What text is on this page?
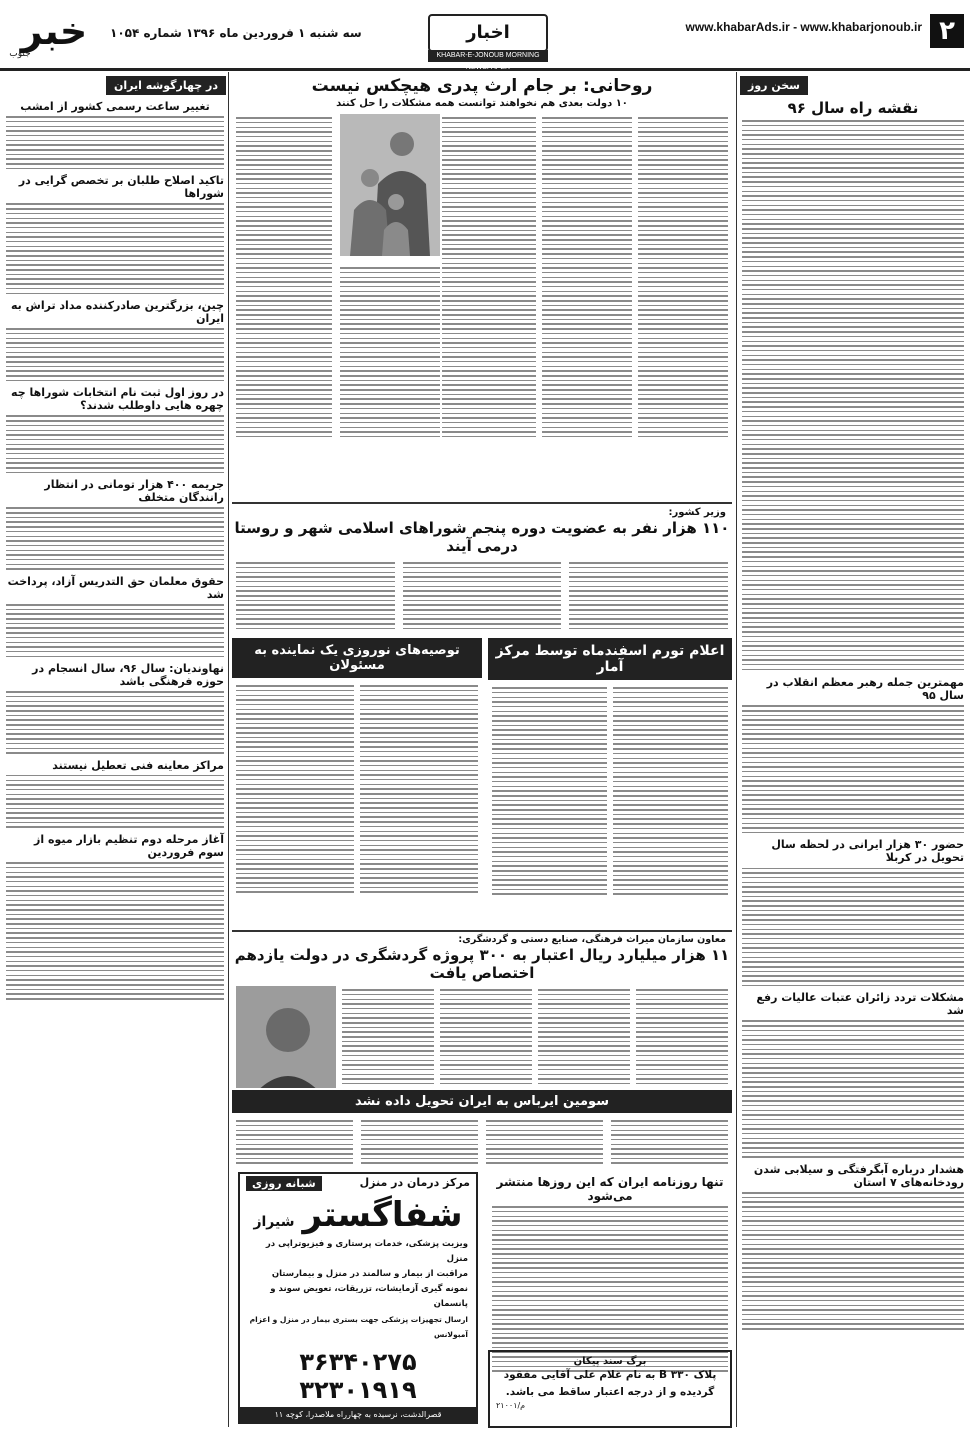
۲
www.khabarAds.ir - www.khabarjonoub.ir
اخبار
KHABAR-E-JONOUB MORNING NEWSPAPER
سه شنبه ۱ فروردین ماه ۱۳۹۶ شماره ۱۰۵۴
خبر
جنوب
سخن روز
نقشه راه سال ۹۶
مهمترین جمله رهبر معظم انقلاب در سال ۹۵
حضور ۳۰ هزار ایرانی در لحظه سال تحویل در کربلا
مشکلات تردد زائران عتبات عالیات رفع شد
هشدار درباره آبگرفتگی و سیلابی شدن رودخانه‌های ۷ استان
در چهارگوشه ایران
تغییر ساعت رسمی کشور از امشب
تاکید اصلاح طلبان بر تخصص گرایی در شوراها
چین، بزرگترین صادرکننده مداد تراش به ایران
در روز اول ثبت نام انتخابات شوراها چه چهره هایی داوطلب شدند؟
جریمه ۴۰۰ هزار تومانی در انتظار رانندگان متخلف
حقوق معلمان حق التدریس آزاد، پرداخت شد
نهاوندیان: سال ۹۶، سال انسجام در حوزه فرهنگی باشد
مراکز معاینه فنی تعطیل نیستند
آغاز مرحله دوم تنظیم بازار میوه از سوم فروردین
روحانی: بر جام ارث پدری هیچکس نیست
۱۰ دولت بعدی هم نخواهند توانست همه مشکلات را حل کنند
وزیر کشور:
۱۱۰ هزار نفر به عضویت دوره پنجم شوراهای اسلامی شهر و روستا درمی آیند
اعلام تورم اسفندماه توسط مرکز آمار
توصیه‌های نوروزی یک نماینده به مسئولان
معاون سازمان میراث فرهنگی، صنایع دستی و گردشگری:
۱۱ هزار میلیارد ریال اعتبار به ۳۰۰ پروژه گردشگری در دولت یازدهم اختصاص یافت
سومین ایرباس به ایران تحویل داده نشد
تنها روزنامه ایران که این روزها منتشر می‌شود
برگ سند پیکان
پلاک ۳۳۰ B به نام غلام علی آقایی مفقود گردیده و از درجه اعتبار ساقط می باشد.
م/۲۱۰۰۱
مرکز درمان در منزل
شبانه روزی
شفاگستر
شیراز
ویزیت پزشکی، خدمات پرستاری و فیزیوتراپی در منزل
مراقبت از بیمار و سالمند در منزل و بیمارستان
نمونه گیری آزمایشات، تزریقات، تعویض سوند و پانسمان
ارسال تجهیزات پزشکی جهت بستری بیمار در منزل و اعزام آمبولانس
۳۶۳۴۰۲۷۵
۳۲۳۰۱۹۱۹
قصرالدشت، نرسیده به چهارراه ملاصدرا، کوچه ۱۱
